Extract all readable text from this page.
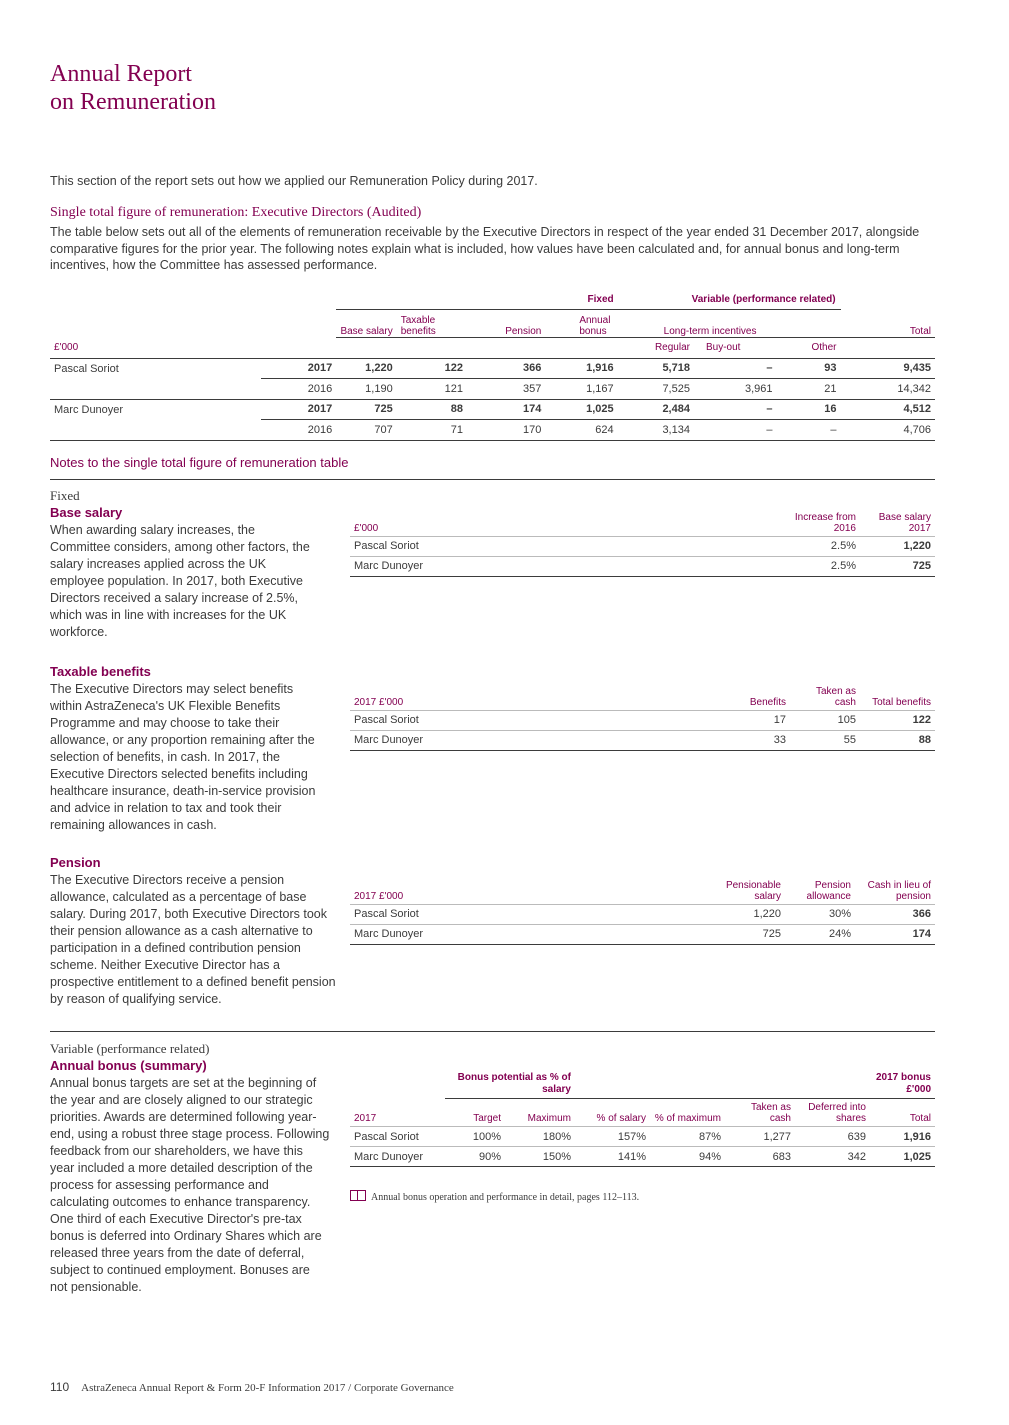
Annual Report
on Remuneration

This section of the report sets out how we applied our Remuneration Policy during 2017.

Single total figure of remuneration: Executive Directors (Audited)

The table below sets out all of the elements of remuneration receivable by the Executive Directors in respect of the year ended 31 December 2017, alongside comparative figures for the prior year. The following notes explain what is included, how values have been calculated and, for annual bonus and long-term incentives, how the Committee has assessed performance.

		Fixed				Variable (performance related)			
		Base salary	Taxable benefits	Pension	Annual bonus	Long-term incentives			Total
£'000						Regular	Buy-out	Other	
Pascal Soriot	2017	1,220	122	366	1,916	5,718	–	93	9,435
	2016	1,190	121	357	1,167	7,525	3,961	21	14,342
Marc Dunoyer	2017	725	88	174	1,025	2,484	–	16	4,512
	2016	707	71	170	624	3,134	–	–	4,706
Notes to the single total figure of remuneration table
Fixed
Base salary

When awarding salary increases, the Committee considers, among other factors, the salary increases applied across the UK employee population. In 2017, both Executive Directors received a salary increase of 2.5%, which was in line with increases for the UK workforce.

£'000	Increase from 2016	Base salary 2017
Pascal Soriot	2.5%	1,220
Marc Dunoyer	2.5%	725
Taxable benefits

The Executive Directors may select benefits within AstraZeneca's UK Flexible Benefits Programme and may choose to take their allowance, or any proportion remaining after the selection of benefits, in cash. In 2017, the Executive Directors selected benefits including healthcare insurance, death-in-service provision and advice in relation to tax and took their remaining allowances in cash.

2017 £'000	Benefits	Taken as cash	Total benefits
Pascal Soriot	17	105	122
Marc Dunoyer	33	55	88
Pension

The Executive Directors receive a pension allowance, calculated as a percentage of base salary. During 2017, both Executive Directors took their pension allowance as a cash alternative to participation in a defined contribution pension scheme. Neither Executive Director has a prospective entitlement to a defined benefit pension by reason of qualifying service.

2017 £'000	Pensionable salary	Pension allowance	Cash in lieu of pension
Pascal Soriot	1,220	30%	366
Marc Dunoyer	725	24%	174
Variable (performance related)
Annual bonus (summary)

Annual bonus targets are set at the beginning of the year and are closely aligned to our strategic priorities. Awards are determined following year-end, using a robust three stage process. Following feedback from our shareholders, we have this year included a more detailed description of the process for assessing performance and calculating outcomes to enhance transparency. One third of each Executive Director's pre-tax bonus is deferred into Ordinary Shares which are released three years from the date of deferral, subject to continued employment. Bonuses are not pensionable.

	Bonus potential as % of salary		2017 bonus £'000				
2017	Target	Maximum	% of salary	% of maximum	Taken as cash	Deferred into shares	Total
Pascal Soriot	100%	180%	157%	87%	1,277	639	1,916
Marc Dunoyer	90%	150%	141%	94%	683	342	1,025
Annual bonus operation and performance in detail, pages 112–113.
110 AstraZeneca Annual Report & Form 20-F Information 2017 / Corporate Governance
